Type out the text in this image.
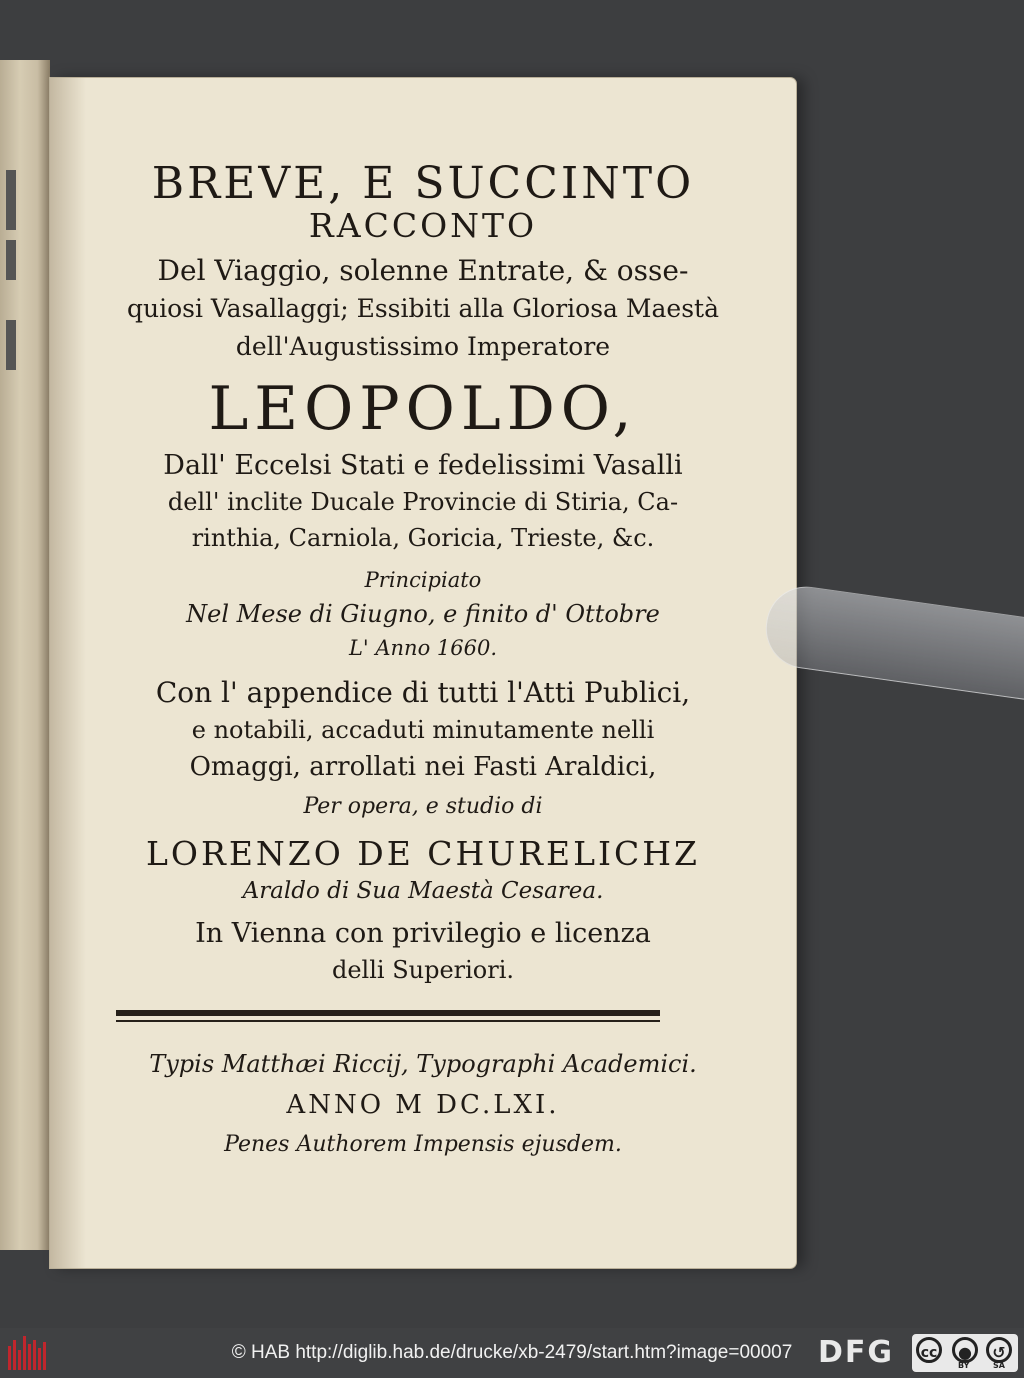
BREVE, E SUCCINTO
RACCONTO
Del Viaggio, solenne Entrate, & osse-
quiosi Vasallaggi; Essibiti alla Gloriosa Maestà
dell'Augustissimo Imperatore
LEOPOLDO,
Dall' Eccelsi Stati e fedelissimi Vasalli
dell' inclite Ducale Provincie di Stiria, Ca-
rinthia, Carniola, Goricia, Trieste, &c.
Principiato
Nel Mese di Giugno, e finito d' Ottobre
L' Anno 1660.
Con l' appendice di tutti l'Atti Publici,
e notabili, accaduti minutamente nelli
Omaggi, arrollati nei Fasti Araldici,
Per opera, e studio di
LORENZO DE CHURELICHZ
Araldo di Sua Maestà Cesarea.
In Vienna con privilegio e licenza
delli Superiori.
Typis Matthæi Riccij, Typographi Academici.
ANNO M DC.LXI.
Penes Authorem Impensis ejusdem.
© HAB http://diglib.hab.de/drucke/xb-2479/start.htm?image=00007 DFG	cc	●	↺
BY	SA
